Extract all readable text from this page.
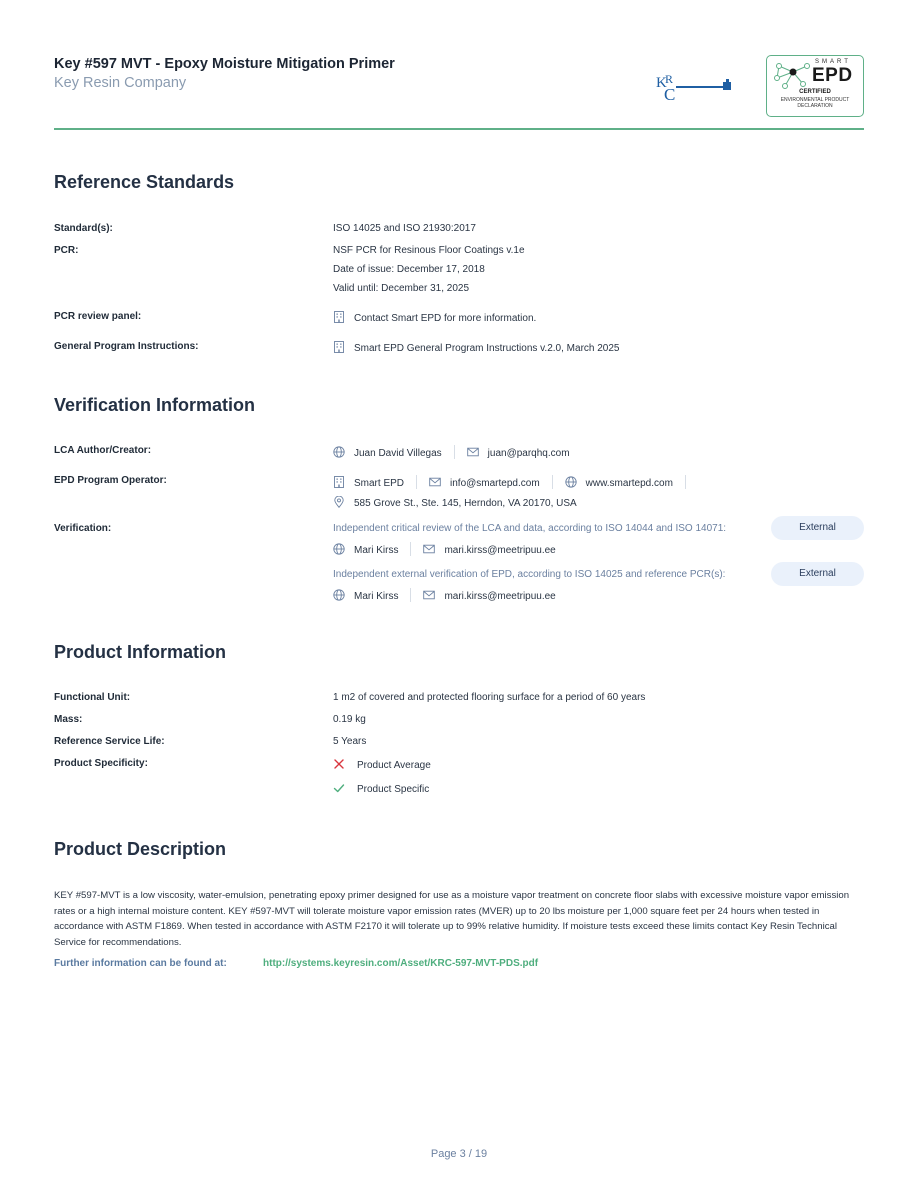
Key #597 MVT - Epoxy Moisture Mitigation Primer
Key Resin Company	K
R
C
SMART
EPD
CERTIFIED
ENVIRONMENTAL PRODUCT
DECLARATION
Reference Standards
Standard(s):	ISO 14025 and ISO 21930:2017
PCR:	NSF PCR for Resinous Floor Coatings v.1e
Date of issue: December 17, 2018
Valid until: December 31, 2025
PCR review panel:	Contact Smart EPD for more information.
General Program Instructions:	Smart EPD General Program Instructions v.2.0, March 2025
Verification Information
LCA Author/Creator:	Juan David Villegas	juan@parqhq.com
EPD Program Operator:	Smart EPD	info@smartepd.com	www.smartepd.com
585 Grove St., Ste. 145, Herndon, VA 20170, USA
Verification:	Independent critical review of the LCA and data, according to ISO 14044 and ISO 14071:	External
Mari Kirss	mari.kirss@meetripuu.ee
Independent external verification of EPD, according to ISO 14025 and reference PCR(s):	External
Mari Kirss	mari.kirss@meetripuu.ee
Product Information
Functional Unit:	1 m2 of covered and protected flooring surface for a period of 60 years
Mass:	0.19 kg
Reference Service Life:	5 Years
Product Specificity:	Product Average
Product Specific
Product Description
KEY #597-MVT is a low viscosity, water-emulsion, penetrating epoxy primer designed for use as a moisture vapor treatment on concrete floor slabs with excessive moisture vapor emission rates or a high internal moisture content. KEY #597-MVT will tolerate moisture vapor emission rates (MVER) up to 20 lbs moisture per 1,000 square feet per 24 hours when tested in accordance with ASTM F1869. When tested in accordance with ASTM F2170 it will tolerate up to 99% relative humidity. If moisture tests exceed these limits contact Key Resin Technical Service for recommendations.
Further information can be found at:	http://systems.keyresin.com/Asset/KRC-597-MVT-PDS.pdf
Page 3 / 19
